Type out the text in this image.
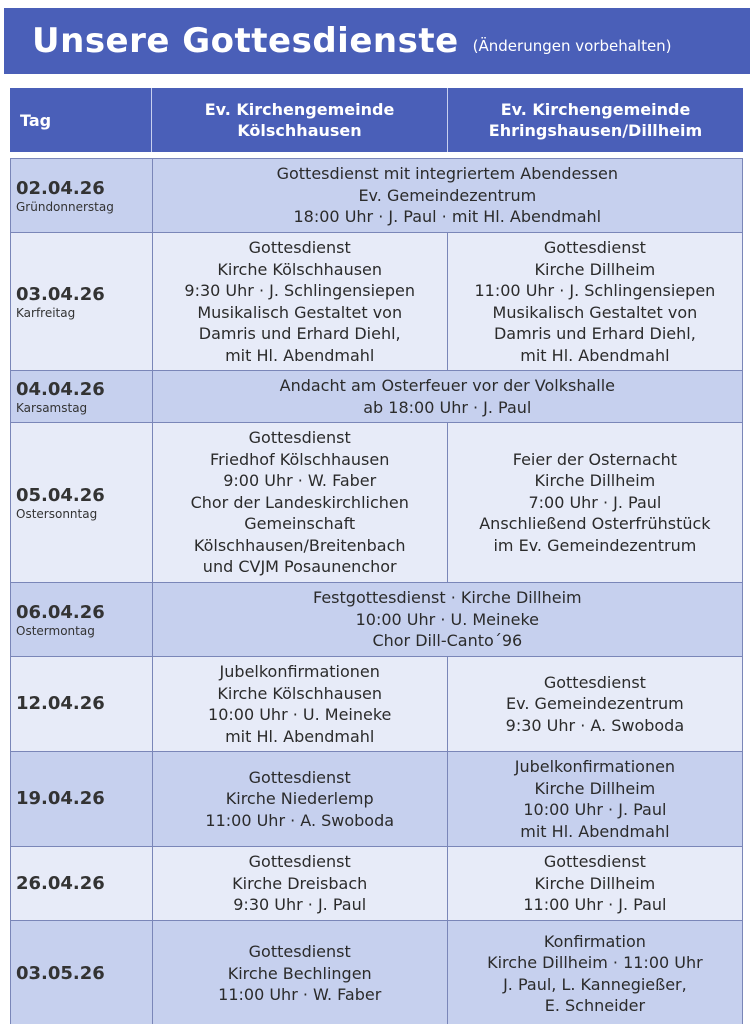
Unsere Gottesdienste (Änderungen vorbehalten)
Tag
Ev. Kirchengemeinde
Kölschhausen
Ev. Kirchengemeinde
Ehringshausen/Dillheim
02.04.26
Gründonnerstag
Gottesdienst mit integriertem Abendessen
Ev. Gemeindezentrum
18:00 Uhr · J. Paul · mit Hl. Abendmahl
03.04.26
Karfreitag
Gottesdienst
Kirche Kölschhausen
9:30 Uhr · J. Schlingensiepen
Musikalisch Gestaltet von
Damris und Erhard Diehl,
mit Hl. Abendmahl
Gottesdienst
Kirche Dillheim
11:00 Uhr · J. Schlingensiepen
Musikalisch Gestaltet von
Damris und Erhard Diehl,
mit Hl. Abendmahl
04.04.26
Karsamstag
Andacht am Osterfeuer vor der Volkshalle
ab 18:00 Uhr · J. Paul
05.04.26
Ostersonntag
Gottesdienst
Friedhof Kölschhausen
9:00 Uhr · W. Faber
Chor der Landeskirchlichen
Gemeinschaft
Kölschhausen/Breitenbach
und CVJM Posaunenchor
Feier der Osternacht
Kirche Dillheim
7:00 Uhr · J. Paul
Anschließend Osterfrühstück
im Ev. Gemeindezentrum
06.04.26
Ostermontag
Festgottesdienst · Kirche Dillheim
10:00 Uhr · U. Meineke
Chor Dill-Canto´96
12.04.26
Jubelkonfirmationen
Kirche Kölschhausen
10:00 Uhr · U. Meineke
mit Hl. Abendmahl
Gottesdienst
Ev. Gemeindezentrum
9:30 Uhr · A. Swoboda
19.04.26
Gottesdienst
Kirche Niederlemp
11:00 Uhr · A. Swoboda
Jubelkonfirmationen
Kirche Dillheim
10:00 Uhr · J. Paul
mit Hl. Abendmahl
26.04.26
Gottesdienst
Kirche Dreisbach
9:30 Uhr · J. Paul
Gottesdienst
Kirche Dillheim
11:00 Uhr · J. Paul
03.05.26
Gottesdienst
Kirche Bechlingen
11:00 Uhr · W. Faber
Konfirmation
Kirche Dillheim · 11:00 Uhr
J. Paul, L. Kannegießer,
E. Schneider
